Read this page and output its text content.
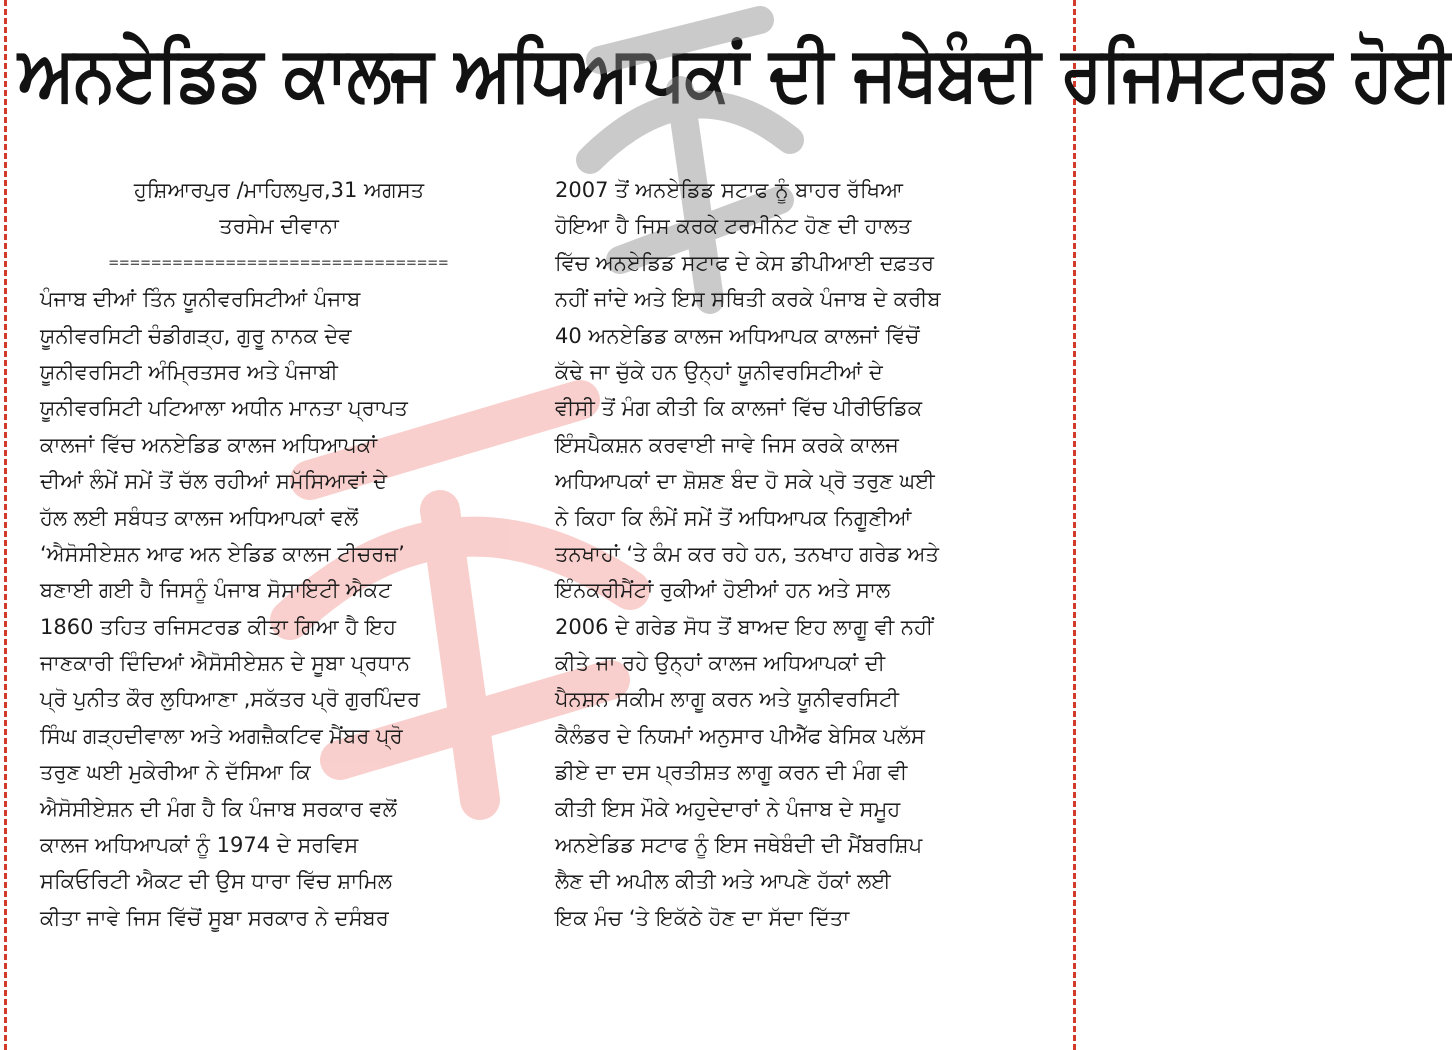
ਅਨਏਡਿਡ ਕਾਲਜ ਅਧਿਆਪਕਾਂ ਦੀ ਜਥੇਬੰਦੀ ਰਜਿਸਟਰਡ ਹੋਈ
ਹੁਸ਼ਿਆਰਪੁਰ /ਮਾਹਿਲਪੁਰ,31 ਅਗਸਤ
ਤਰਸੇਮ ਦੀਵਾਨਾ
================================
ਪੰਜਾਬ ਦੀਆਂ ਤਿੰਨ ਯੂਨੀਵਰਸਿਟੀਆਂ ਪੰਜਾਬ
ਯੂਨੀਵਰਸਿਟੀ ਚੰਡੀਗੜ੍ਹ, ਗੁਰੂ ਨਾਨਕ ਦੇਵ
ਯੂਨੀਵਰਸਿਟੀ ਅੰਮ੍ਰਿਤਸਰ ਅਤੇ ਪੰਜਾਬੀ
ਯੂਨੀਵਰਸਿਟੀ ਪਟਿਆਲਾ ਅਧੀਨ ਮਾਨਤਾ ਪ੍ਰਾਪਤ
ਕਾਲਜਾਂ ਵਿੱਚ ਅਨਏਡਿਡ ਕਾਲਜ ਅਧਿਆਪਕਾਂ
ਦੀਆਂ ਲੰਮੇਂ ਸਮੇਂ ਤੋਂ ਚੱਲ ਰਹੀਆਂ ਸਮੱਸਿਆਵਾਂ ਦੇ
ਹੱਲ ਲਈ ਸਬੰਧਤ ਕਾਲਜ ਅਧਿਆਪਕਾਂ ਵਲੋਂ
‘ਐਸੋਸੀਏਸ਼ਨ ਆਫ ਅਨ ਏਡਿਡ ਕਾਲਜ ਟੀਚਰਜ਼’
ਬਣਾਈ ਗਈ ਹੈ ਜਿਸਨੂੰ ਪੰਜਾਬ ਸੋਸਾਇਟੀ ਐਕਟ
1860 ਤਹਿਤ ਰਜਿਸਟਰਡ ਕੀਤਾ ਗਿਆ ਹੈ ਇਹ
ਜਾਣਕਾਰੀ ਦਿੰਦਿਆਂ ਐਸੋਸੀਏਸ਼ਨ ਦੇ ਸੂਬਾ ਪ੍ਰਧਾਨ
ਪ੍ਰੋ ਪੁਨੀਤ ਕੌਰ ਲੁਧਿਆਣਾ ,ਸਕੱਤਰ ਪ੍ਰੋ ਗੁਰਪਿੰਦਰ
ਸਿੰਘ ਗੜ੍ਹਦੀਵਾਲਾ ਅਤੇ ਅਗਜ਼ੈਕਟਿਵ ਮੈਂਬਰ ਪ੍ਰੋ
ਤਰੁਣ ਘਈ ਮੁਕੇਰੀਆ ਨੇ ਦੱਸਿਆ ਕਿ
ਐਸੋਸੀਏਸ਼ਨ ਦੀ ਮੰਗ ਹੈ ਕਿ ਪੰਜਾਬ ਸਰਕਾਰ ਵਲੋਂ
ਕਾਲਜ ਅਧਿਆਪਕਾਂ ਨੂੰ 1974 ਦੇ ਸਰਵਿਸ
ਸਕਿਓਰਿਟੀ ਐਕਟ ਦੀ ਉਸ ਧਾਰਾ ਵਿੱਚ ਸ਼ਾਮਿਲ
ਕੀਤਾ ਜਾਵੇ ਜਿਸ ਵਿੱਚੋਂ ਸੂਬਾ ਸਰਕਾਰ ਨੇ ਦਸੰਬਰ
2007 ਤੋਂ ਅਨਏਡਿਡ ਸਟਾਫ ਨੂੰ ਬਾਹਰ ਰੱਖਿਆ
ਹੋਇਆ ਹੈ ਜਿਸ ਕਰਕੇ ਟਰਮੀਨੇਟ ਹੋਣ ਦੀ ਹਾਲਤ
ਵਿੱਚ ਅਨਏਡਿਡ ਸਟਾਫ ਦੇ ਕੇਸ ਡੀਪੀਆਈ ਦਫ਼ਤਰ
ਨਹੀਂ ਜਾਂਦੇ ਅਤੇ ਇਸ ਸਥਿਤੀ ਕਰਕੇ ਪੰਜਾਬ ਦੇ ਕਰੀਬ
40 ਅਨਏਡਿਡ ਕਾਲਜ ਅਧਿਆਪਕ ਕਾਲਜਾਂ ਵਿੱਚੋਂ
ਕੱਢੇ ਜਾ ਚੁੱਕੇ ਹਨ ਉਨ੍ਹਾਂ ਯੂਨੀਵਰਸਿਟੀਆਂ ਦੇ
ਵੀਸੀ ਤੋਂ ਮੰਗ ਕੀਤੀ ਕਿ ਕਾਲਜਾਂ ਵਿੱਚ ਪੀਰੀਓਡਿਕ
ਇੰਸਪੈਕਸ਼ਨ ਕਰਵਾਈ ਜਾਵੇ ਜਿਸ ਕਰਕੇ ਕਾਲਜ
ਅਧਿਆਪਕਾਂ ਦਾ ਸ਼ੋਸ਼ਣ ਬੰਦ ਹੋ ਸਕੇ ਪ੍ਰੋ ਤਰੁਣ ਘਈ
ਨੇ ਕਿਹਾ ਕਿ ਲੰਮੇਂ ਸਮੇਂ ਤੋਂ ਅਧਿਆਪਕ ਨਿਗੂਣੀਆਂ
ਤਨਖਾਹਾਂ ‘ਤੇ ਕੰਮ ਕਰ ਰਹੇ ਹਨ, ਤਨਖਾਹ ਗਰੇਡ ਅਤੇ
ਇੰਨਕਰੀਮੈਂਟਾਂ ਰੁਕੀਆਂ ਹੋਈਆਂ ਹਨ ਅਤੇ ਸਾਲ
2006 ਦੇ ਗਰੇਡ ਸੋਧ ਤੋਂ ਬਾਅਦ ਇਹ ਲਾਗੂ ਵੀ ਨਹੀਂ
ਕੀਤੇ ਜਾ ਰਹੇ ਉਨ੍ਹਾਂ ਕਾਲਜ ਅਧਿਆਪਕਾਂ ਦੀ
ਪੈਨਸ਼ਨ ਸਕੀਮ ਲਾਗੂ ਕਰਨ ਅਤੇ ਯੂਨੀਵਰਸਿਟੀ
ਕੈਲੰਡਰ ਦੇ ਨਿਯਮਾਂ ਅਨੁਸਾਰ ਪੀਐੱਫ ਬੇਸਿਕ ਪਲੱਸ
ਡੀਏ ਦਾ ਦਸ ਪ੍ਰਤੀਸ਼ਤ ਲਾਗੂ ਕਰਨ ਦੀ ਮੰਗ ਵੀ
ਕੀਤੀ ਇਸ ਮੌਕੇ ਅਹੁਦੇਦਾਰਾਂ ਨੇ ਪੰਜਾਬ ਦੇ ਸਮੂਹ
ਅਨਏਡਿਡ ਸਟਾਫ ਨੂੰ ਇਸ ਜਥੇਬੰਦੀ ਦੀ ਮੈਂਬਰਸ਼ਿਪ
ਲੈਣ ਦੀ ਅਪੀਲ ਕੀਤੀ ਅਤੇ ਆਪਣੇ ਹੱਕਾਂ ਲਈ
ਇਕ ਮੰਚ ‘ਤੇ ਇਕੱਠੇ ਹੋਣ ਦਾ ਸੱਦਾ ਦਿੱਤਾ
